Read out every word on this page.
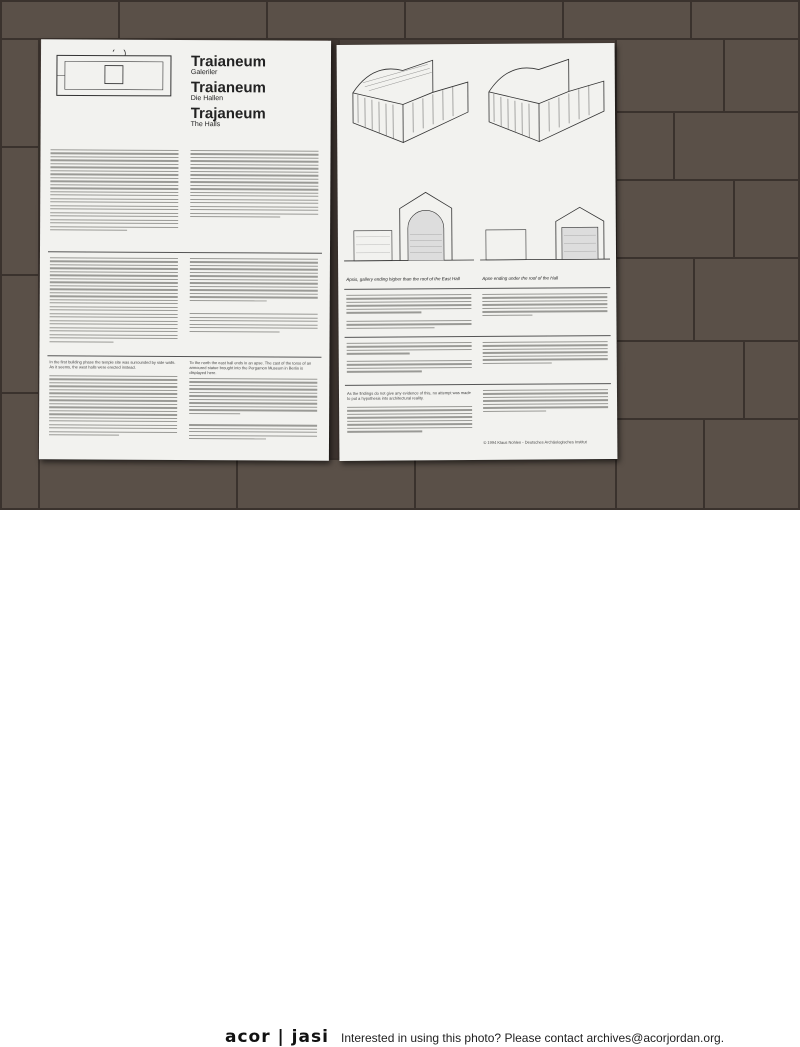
Traianeum
Galeriler
Traianeum
Die Hallen
Trajaneum
The Halls
In the first building phase the temple site was surrounded by side walls. As it seems, the west halls were erected instead.
To the north the east hall ends in an apse. The cast of the torso of an armoured statue brought into the Pergamon Museum in Berlin is displayed here.
Apsis, gallery ending higher than the roof of the East Hall	Apse ending under the roof of the Hall
As the findings do not give any evidence of this, no attempt was made to put a hypothesis into architectural reality.
© 1994 Klaus Nohlen - Deutsches Archäologisches Institut
acor | jasi Interested in using this photo? Please contact archives@acorjordan.org.
